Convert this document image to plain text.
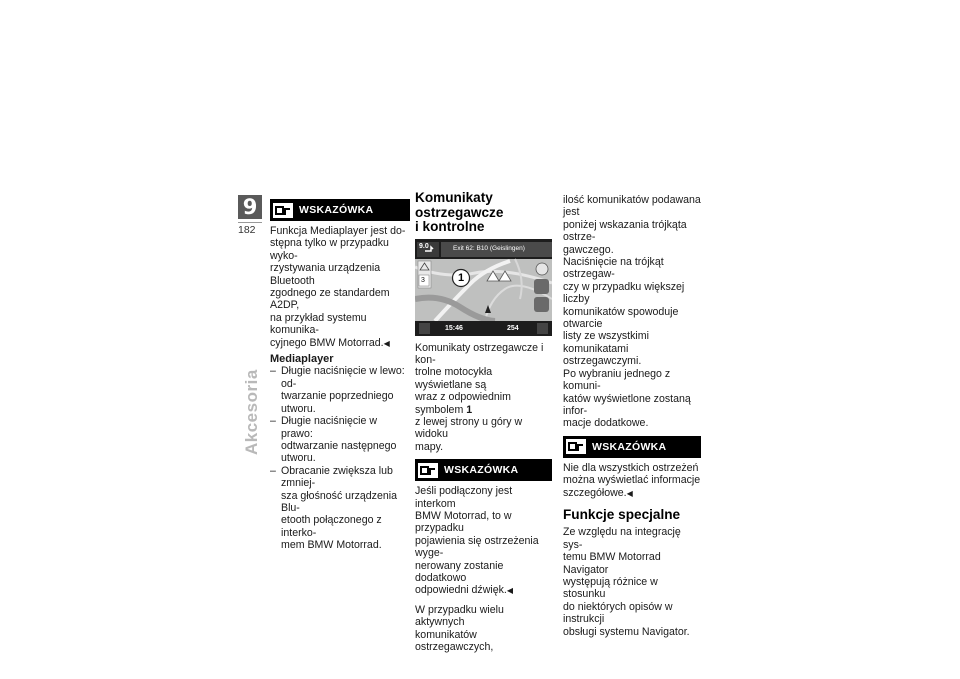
9
182
Akcesoria
WSKAZÓWKA
Funkcja Mediaplayer jest do-
stępna tylko w przypadku wyko-
rzystywania urządzenia Bluetooth
zgodnego ze standardem A2DP,
na przykład systemu komunika-
cyjnego BMW Motorrad.◀
Mediaplayer
– Długie naciśnięcie w lewo: od-
twarzanie poprzedniego utworu.
– Długie naciśnięcie w prawo:
odtwarzanie następnego
utworu.
– Obracanie zwiększa lub zmniej-
sza głośność urządzenia Blu-
etooth połączonego z interko-
mem BMW Motorrad.
Komunikaty ostrzegawcze
i kontrolne
9.0	Exit 62: B10 (Geislingen)
3	1
15:46	254
Komunikaty ostrzegawcze i kon-
trolne motocykła wyświetlane są
wraz z odpowiednim symbolem 1
z lewej strony u góry w widoku
mapy.
WSKAZÓWKA
Jeśli podłączony jest interkom
BMW Motorrad, to w przypadku
pojawienia się ostrzeżenia wyge-
nerowany zostanie dodatkowo
odpowiedni dźwięk.◀
W przypadku wielu aktywnych
komunikatów ostrzegawczych,
ilość komunikatów podawana jest
poniżej wskazania trójkąta ostrze-
gawczego.
Naciśnięcie na trójkąt ostrzegaw-
czy w przypadku większej liczby
komunikatów spowoduje otwarcie
listy ze wszystkimi komunikatami
ostrzegawczymi.
Po wybraniu jednego z komuni-
katów wyświetlone zostaną infor-
macje dodatkowe.
WSKAZÓWKA
Nie dla wszystkich ostrzeżeń
można wyświetlać informacje
szczegółowe.◀
Funkcje specjalne
Ze względu na integrację sys-
temu BMW Motorrad Navigator
występują różnice w stosunku
do niektórych opisów w instrukcji
obsługi systemu Navigator.
